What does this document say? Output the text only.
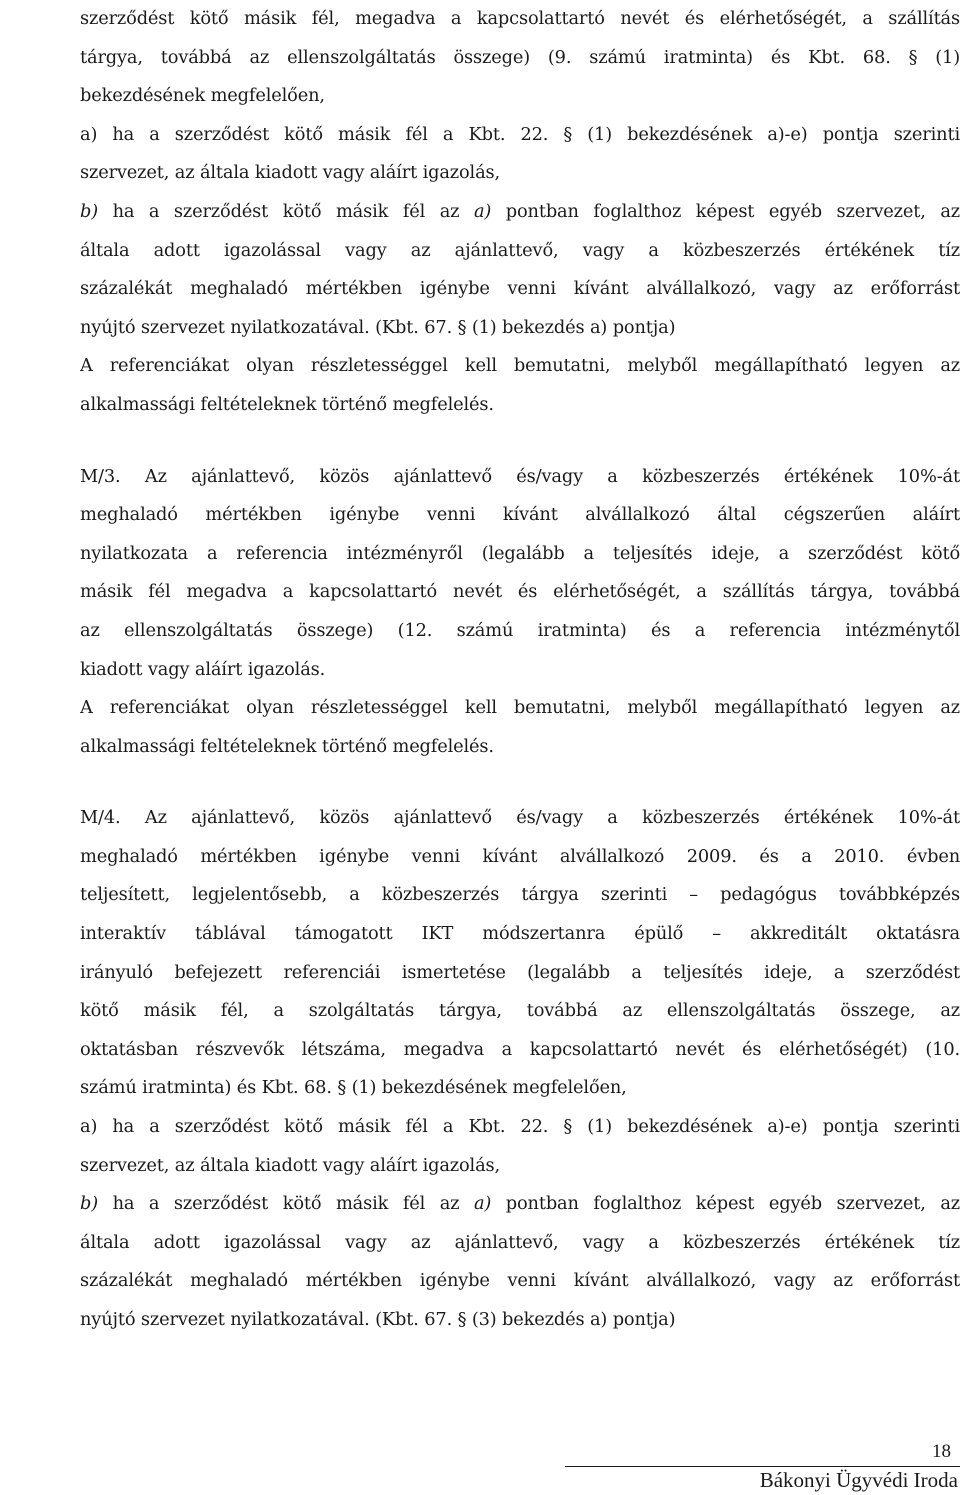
szerződést kötő másik fél, megadva a kapcsolattartó nevét és elérhetőségét, a szállítás
tárgya, továbbá az ellenszolgáltatás összege) (9. számú iratminta) és Kbt. 68. § (1)
bekezdésének megfelelően,
a) ha a szerződést kötő másik fél a Kbt. 22. § (1) bekezdésének a)-e) pontja szerinti
szervezet, az általa kiadott vagy aláírt igazolás,
b) ha a szerződést kötő másik fél az a) pontban foglalthoz képest egyéb szervezet, az
általa adott igazolással vagy az ajánlattevő, vagy a közbeszerzés értékének tíz
százalékát meghaladó mértékben igénybe venni kívánt alvállalkozó, vagy az erőforrást
nyújtó szervezet nyilatkozatával. (Kbt. 67. § (1) bekezdés a) pontja)
A referenciákat olyan részletességgel kell bemutatni, melyből megállapítható legyen az
alkalmassági feltételeknek történő megfelelés.
M/3. Az ajánlattevő, közös ajánlattevő és/vagy a közbeszerzés értékének 10%-át
meghaladó mértékben igénybe venni kívánt alvállalkozó által cégszerűen aláírt
nyilatkozata a referencia intézményről (legalább a teljesítés ideje, a szerződést kötő
másik fél megadva a kapcsolattartó nevét és elérhetőségét, a szállítás tárgya, továbbá
az ellenszolgáltatás összege) (12. számú iratminta) és a referencia intézménytől
kiadott vagy aláírt igazolás.
A referenciákat olyan részletességgel kell bemutatni, melyből megállapítható legyen az
alkalmassági feltételeknek történő megfelelés.
M/4. Az ajánlattevő, közös ajánlattevő és/vagy a közbeszerzés értékének 10%-át
meghaladó mértékben igénybe venni kívánt alvállalkozó 2009. és a 2010. évben
teljesített, legjelentősebb, a közbeszerzés tárgya szerinti – pedagógus továbbképzés
interaktív táblával támogatott IKT módszertanra épülő – akkreditált oktatásra
irányuló befejezett referenciái ismertetése (legalább a teljesítés ideje, a szerződést
kötő másik fél, a szolgáltatás tárgya, továbbá az ellenszolgáltatás összege, az
oktatásban részvevők létszáma, megadva a kapcsolattartó nevét és elérhetőségét) (10.
számú iratminta) és Kbt. 68. § (1) bekezdésének megfelelően,
a) ha a szerződést kötő másik fél a Kbt. 22. § (1) bekezdésének a)-e) pontja szerinti
szervezet, az általa kiadott vagy aláírt igazolás,
b) ha a szerződést kötő másik fél az a) pontban foglalthoz képest egyéb szervezet, az
általa adott igazolással vagy az ajánlattevő, vagy a közbeszerzés értékének tíz
százalékát meghaladó mértékben igénybe venni kívánt alvállalkozó, vagy az erőforrást
nyújtó szervezet nyilatkozatával. (Kbt. 67. § (3) bekezdés a) pontja)
18
Bákonyi Ügyvédi Iroda
